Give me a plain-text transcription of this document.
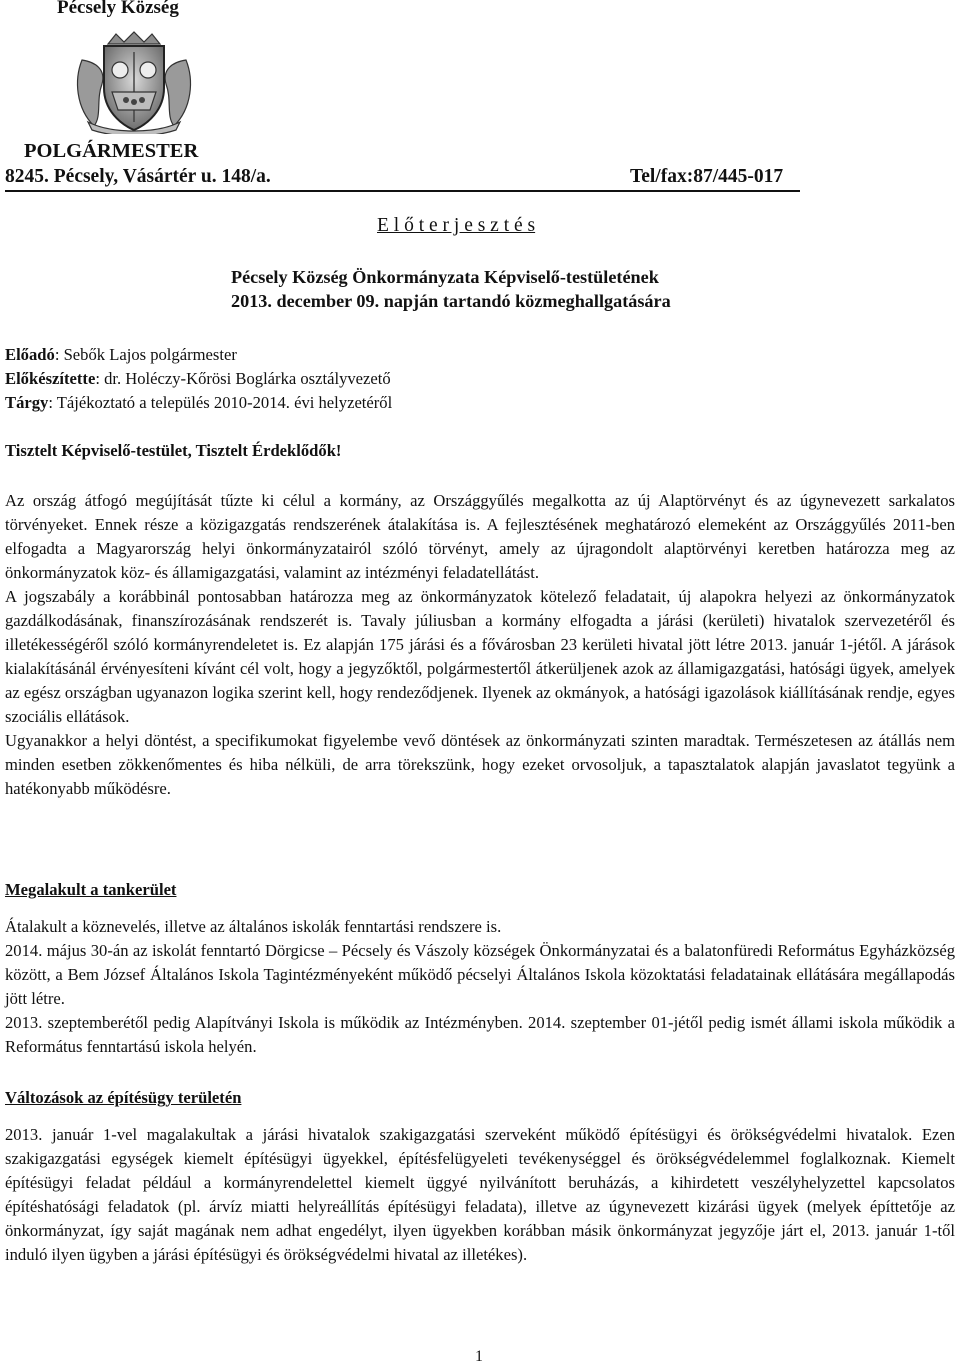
Pécsely Község
POLGÁRMESTER
8245. Pécsely, Vásártér u. 148/a.	Tel/fax:87/445-017
E l ő t e r j e s z t é s
Pécsely Község Önkormányzata Képviselő-testületének
2013. december 09. napján tartandó közmeghallgatására
Előadó: Sebők Lajos polgármester
Előkészítette: dr. Holéczy-Kőrösi Boglárka osztályvezető
Tárgy: Tájékoztató a település 2010-2014. évi helyzetéről
Tisztelt Képviselő-testület, Tisztelt Érdeklődők!

Az ország átfogó megújítását tűzte ki célul a kormány, az Országgyűlés megalkotta az új Alaptörvényt és az úgynevezett sarkalatos törvényeket. Ennek része a közigazgatás rendszerének átalakítása is. A fejlesztésének meghatározó elemeként az Országgyűlés 2011-ben elfogadta a Magyarország helyi önkormányzatairól szóló törvényt, amely az újragondolt alaptörvényi keretben határozza meg az önkormányzatok köz- és államigazgatási, valamint az intézményi feladatellátást.

A jogszabály a korábbinál pontosabban határozza meg az önkormányzatok kötelező feladatait, új alapokra helyezi az önkormányzatok gazdálkodásának, finanszírozásának rendszerét is. Tavaly júliusban a kormány elfogadta a járási (kerületi) hivatalok szervezetéről és illetékességéről szóló kormányrendeletet is. Ez alapján 175 járási és a fővárosban 23 kerületi hivatal jött létre 2013. január 1-jétől. A járások kialakításánál érvényesíteni kívánt cél volt, hogy a jegyzőktől, polgármestertől átkerüljenek azok az államigazgatási, hatósági ügyek, amelyek az egész országban ugyanazon logika szerint kell, hogy rendeződjenek. Ilyenek az okmányok, a hatósági igazolások kiállításának rendje, egyes szociális ellátások.

Ugyanakkor a helyi döntést, a specifikumokat figyelembe vevő döntések az önkormányzati szinten maradtak. Természetesen az átállás nem minden esetben zökkenőmentes és hiba nélküli, de arra törekszünk, hogy ezeket orvosoljuk, a tapasztalatok alapján javaslatot tegyünk a hatékonyabb működésre.

Megalakult a tankerület

Átalakult a köznevelés, illetve az általános iskolák fenntartási rendszere is.

2014. május 30-án az iskolát fenntartó Dörgicse – Pécsely és Vászoly községek Önkormányzatai és a balatonfüredi Református Egyházközség között, a Bem József Általános Iskola Tagintézményeként működő pécselyi Általános Iskola közoktatási feladatainak ellátására megállapodás jött létre.

2013. szeptemberétől pedig Alapítványi Iskola is működik az Intézményben. 2014. szeptember 01-jétől pedig ismét állami iskola működik a Református fenntartású iskola helyén.

Változások az építésügy területén

2013. január 1-vel magalakultak a járási hivatalok szakigazgatási szerveként működő építésügyi és örökségvédelmi hivatalok. Ezen szakigazgatási egységek kiemelt építésügyi ügyekkel, építésfelügyeleti tevékenységgel és örökségvédelemmel foglalkoznak. Kiemelt építésügyi feladat például a kormányrendelettel kiemelt üggyé nyilvánított beruházás, a kihirdetett veszélyhelyzettel kapcsolatos építéshatósági feladatok (pl. árvíz miatti helyreállítás építésügyi feladata), illetve az úgynevezett kizárási ügyek (melyek építtetője az önkormányzat, így saját magának nem adhat engedélyt, ilyen ügyekben korábban másik önkormányzat jegyzője járt el, 2013. január 1-től induló ilyen ügyben a járási építésügyi és örökségvédelmi hivatal az illetékes).

1
